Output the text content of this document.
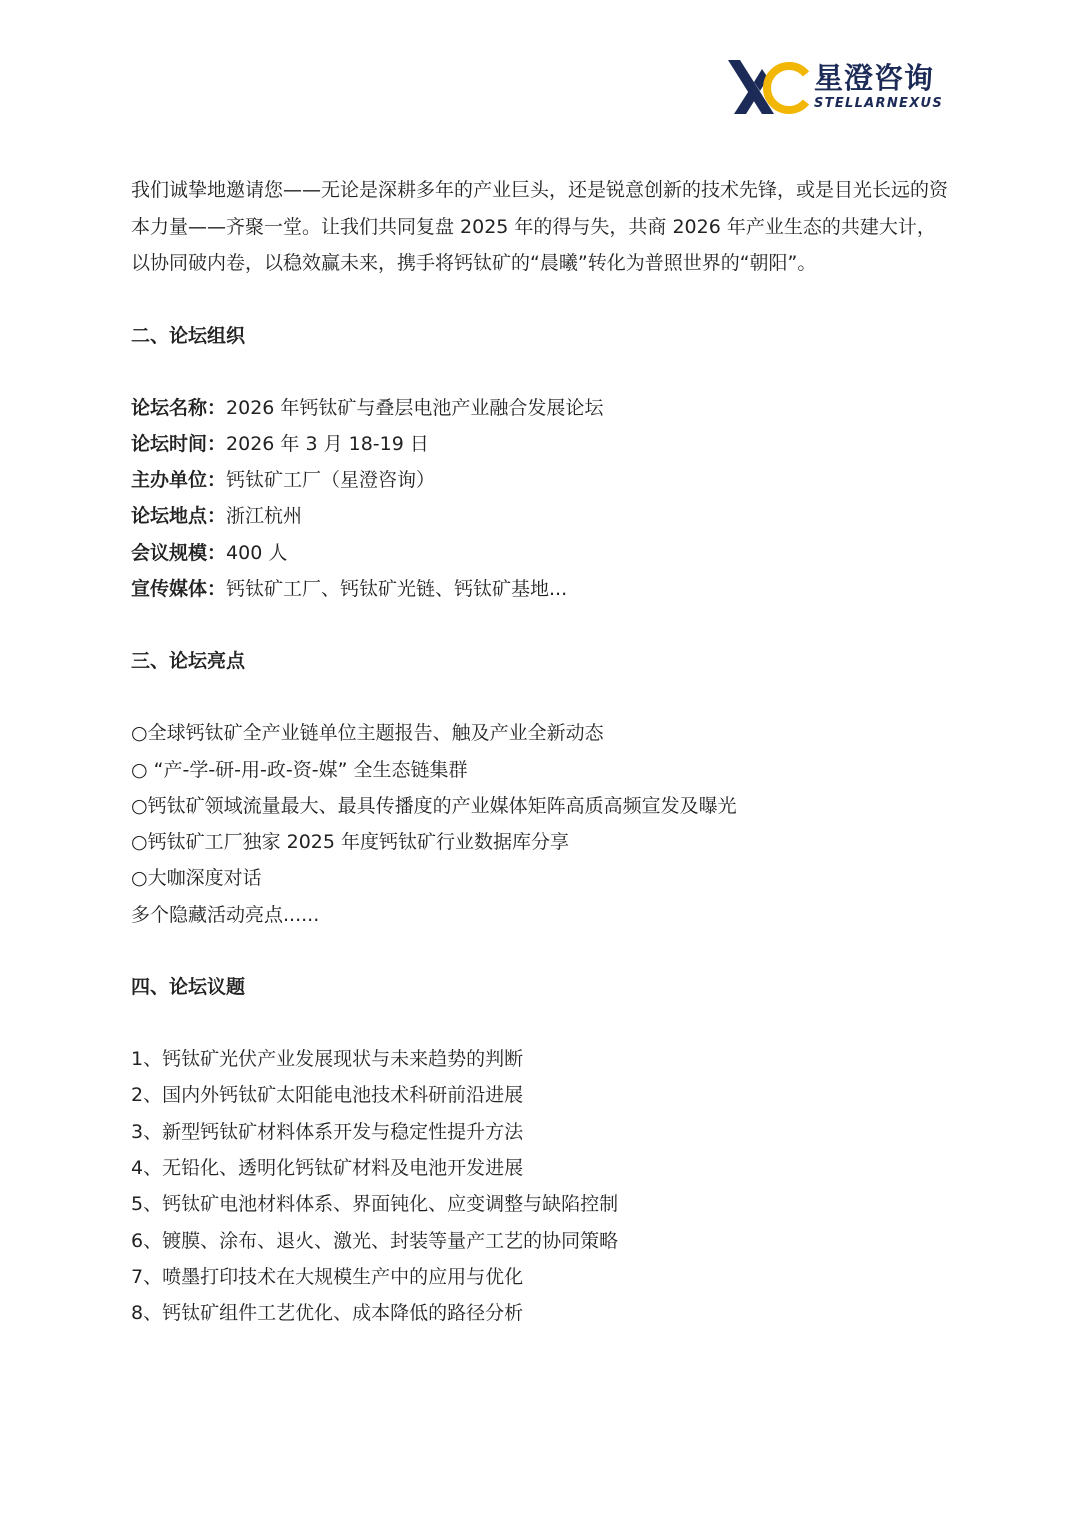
星澄咨询
STELLARNEXUS

我们诚挚地邀请您——无论是深耕多年的产业巨头，还是锐意创新的技术先锋，或是目光长远的资本力量——齐聚一堂。让我们共同复盘 2025 年的得与失，共商 2026 年产业生态的共建大计，以协同破内卷，以稳效赢未来，携手将钙钛矿的“晨曦”转化为普照世界的“朝阳”。

二、论坛组织
论坛名称：2026 年钙钛矿与叠层电池产业融合发展论坛
论坛时间：2026 年 3 月 18-19 日
主办单位：钙钛矿工厂（星澄咨询）
论坛地点：浙江杭州
会议规模：400 人
宣传媒体：钙钛矿工厂、钙钛矿光链、钙钛矿基地...
三、论坛亮点
○全球钙钛矿全产业链单位主题报告、触及产业全新动态
○ “产-学-研-用-政-资-媒” 全生态链集群
○钙钛矿领域流量最大、最具传播度的产业媒体矩阵高质高频宣发及曝光
○钙钛矿工厂独家 2025 年度钙钛矿行业数据库分享
○大咖深度对话
多个隐藏活动亮点......
四、论坛议题
1、钙钛矿光伏产业发展现状与未来趋势的判断
2、国内外钙钛矿太阳能电池技术科研前沿进展
3、新型钙钛矿材料体系开发与稳定性提升方法
4、无铅化、透明化钙钛矿材料及电池开发进展
5、钙钛矿电池材料体系、界面钝化、应变调整与缺陷控制
6、镀膜、涂布、退火、激光、封装等量产工艺的协同策略
7、喷墨打印技术在大规模生产中的应用与优化
8、钙钛矿组件工艺优化、成本降低的路径分析
